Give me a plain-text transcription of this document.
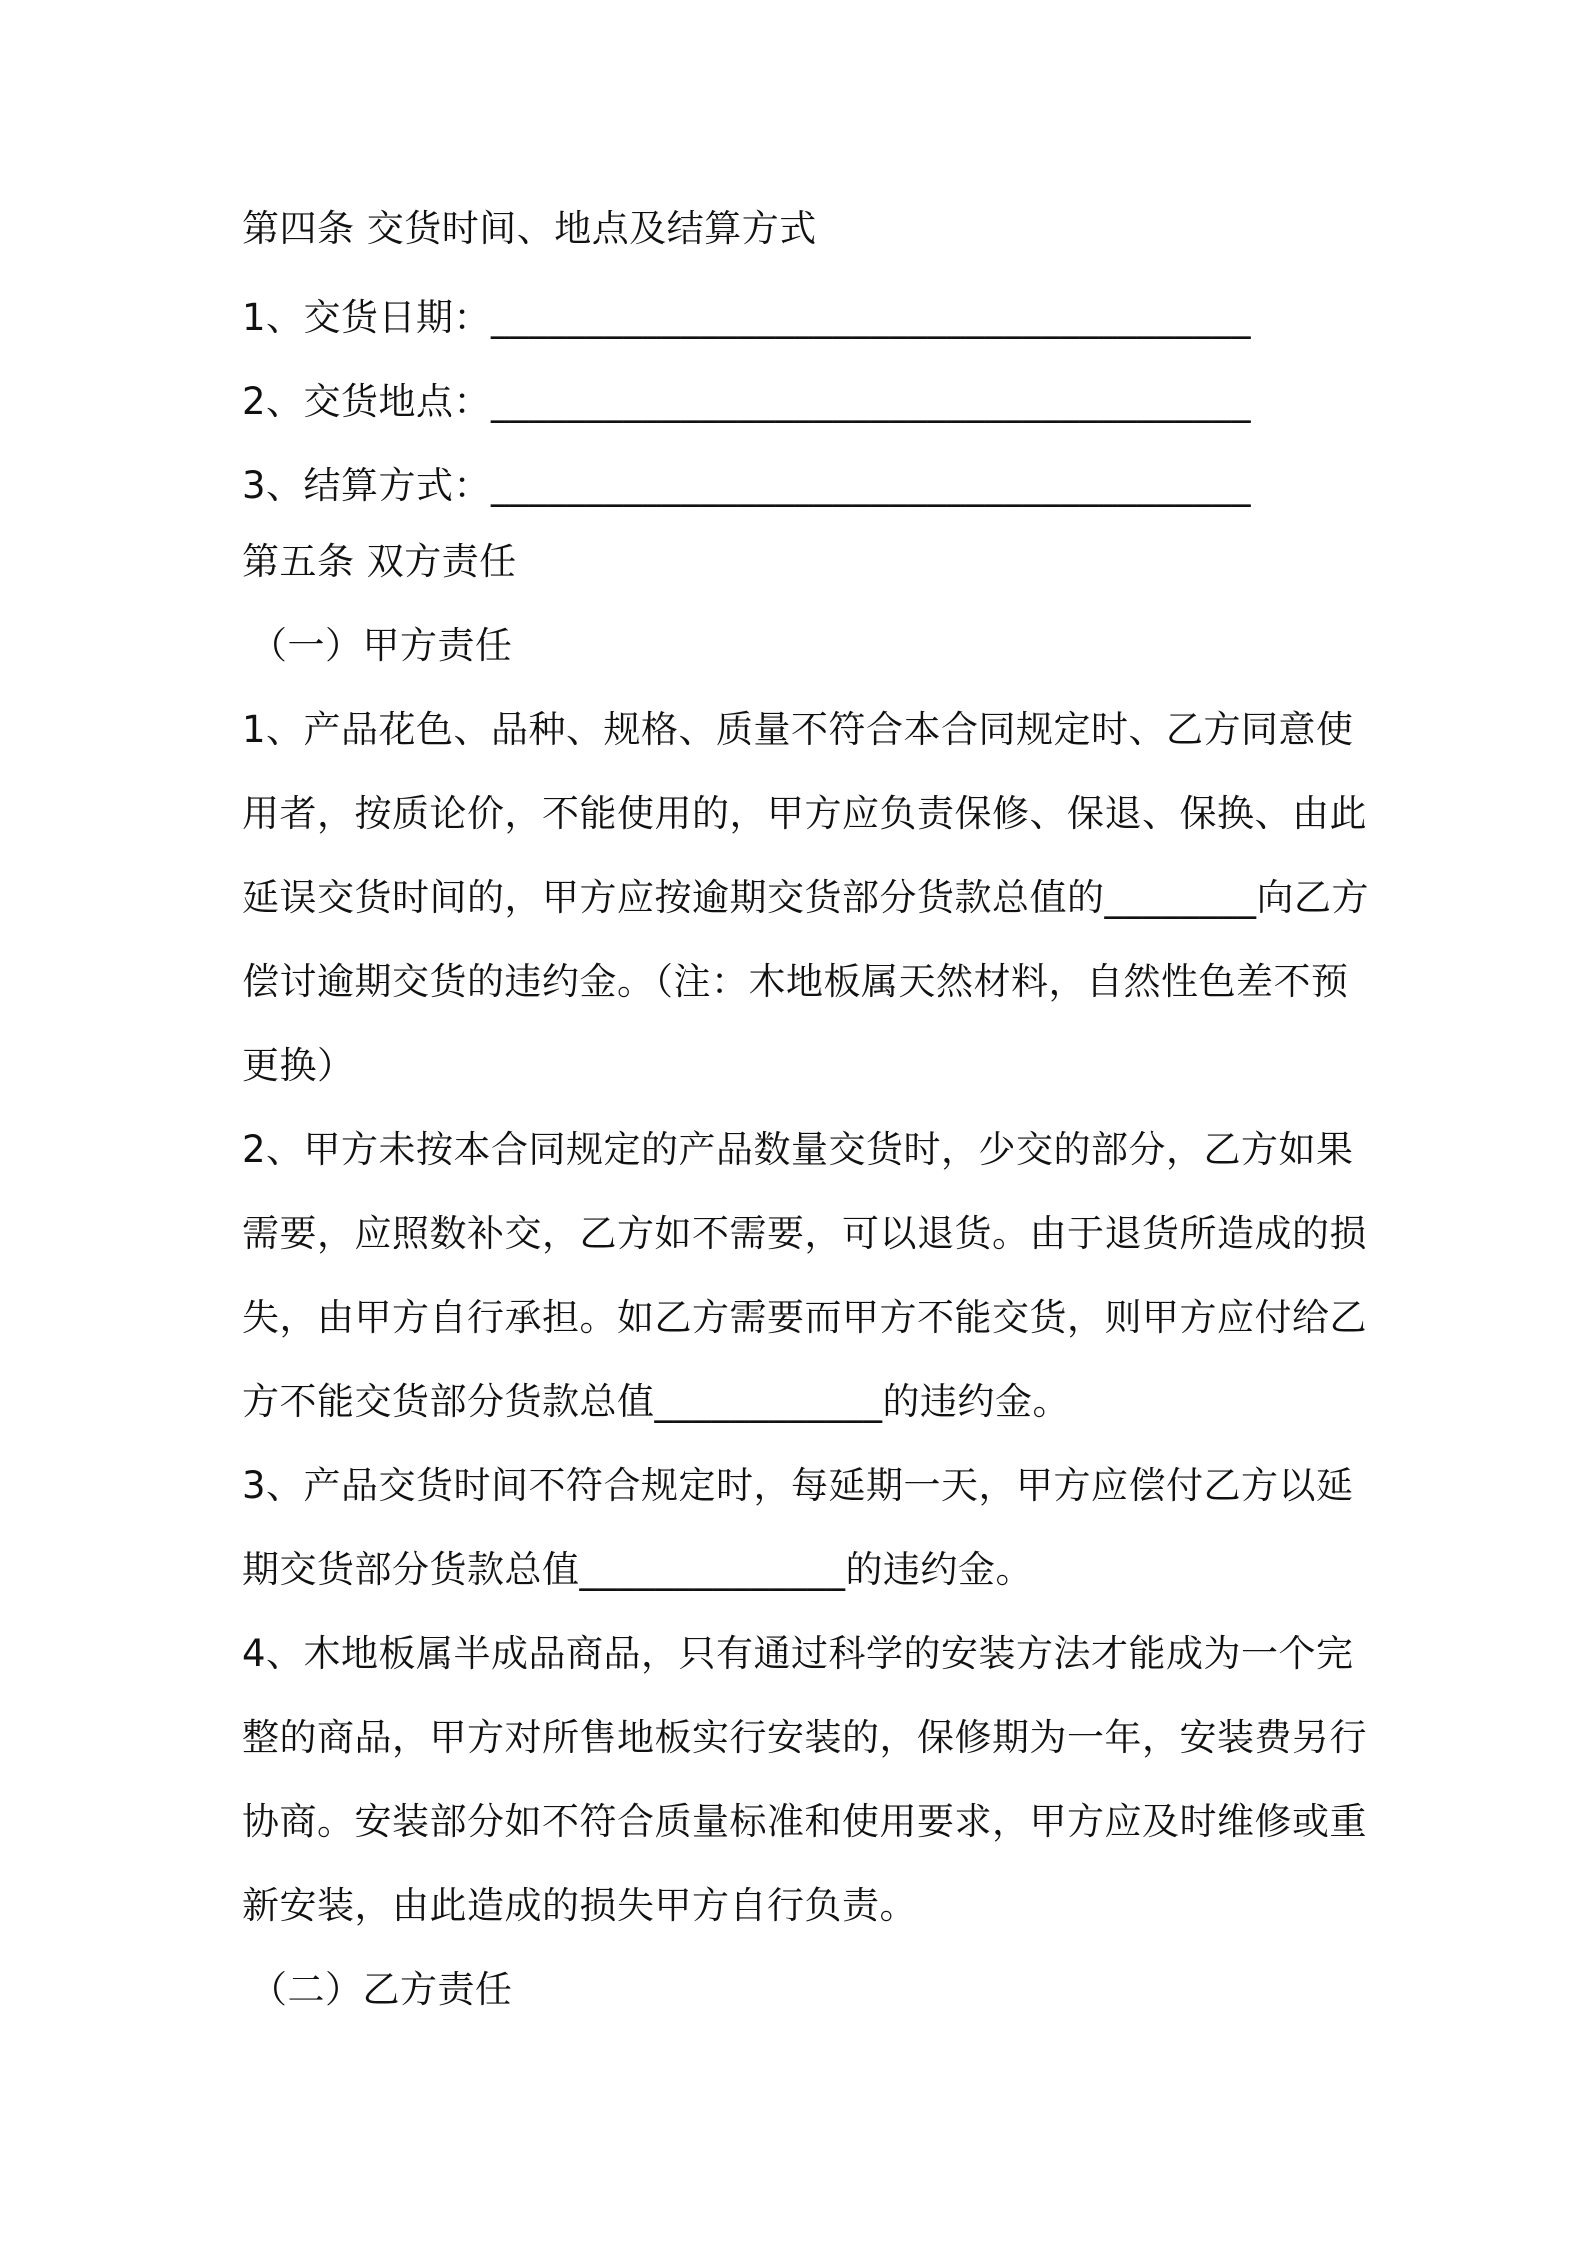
第四条 交货时间、地点及结算方式
1、交货日期：________________________________________
2、交货地点：________________________________________
3、结算方式：________________________________________
第五条 双方责任
（一）甲方责任
1、产品花色、品种、规格、质量不符合本合同规定时、乙方同意使
用者，按质论价，不能使用的，甲方应负责保修、保退、保换、由此
延误交货时间的，甲方应按逾期交货部分货款总值的________向乙方
偿讨逾期交货的违约金。（注：木地板属天然材料，自然性色差不预
更换）
2、甲方未按本合同规定的产品数量交货时，少交的部分，乙方如果
需要，应照数补交，乙方如不需要，可以退货。由于退货所造成的损
失，由甲方自行承担。如乙方需要而甲方不能交货，则甲方应付给乙
方不能交货部分货款总值____________的违约金。
3、产品交货时间不符合规定时，每延期一天，甲方应偿付乙方以延
期交货部分货款总值______________的违约金。
4、木地板属半成品商品，只有通过科学的安装方法才能成为一个完
整的商品，甲方对所售地板实行安装的，保修期为一年，安装费另行
协商。安装部分如不符合质量标准和使用要求，甲方应及时维修或重
新安装，由此造成的损失甲方自行负责。
（二）乙方责任
